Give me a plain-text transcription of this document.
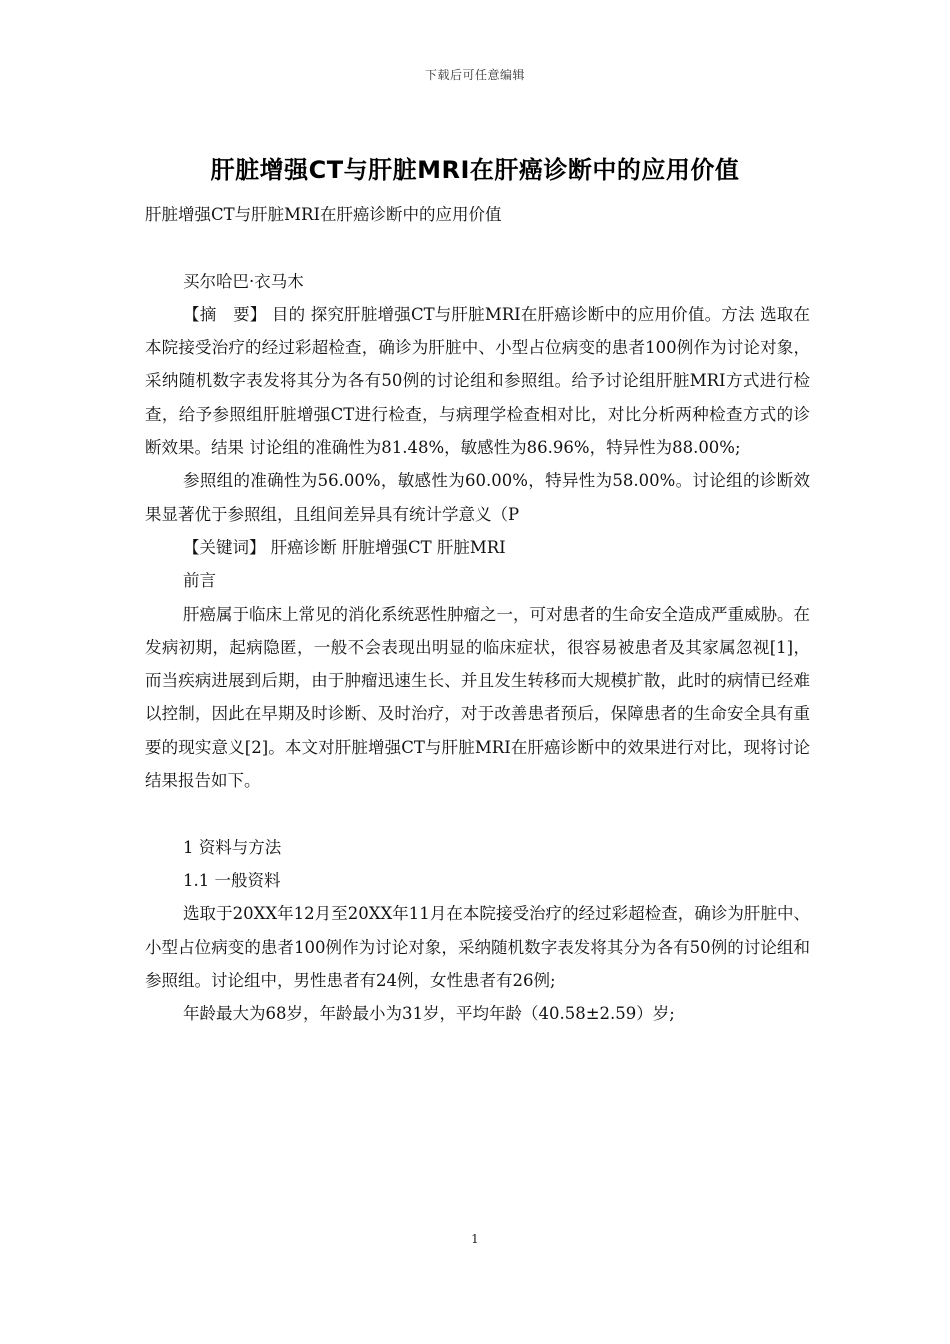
下载后可任意编辑
肝脏增强CT与肝脏MRI在肝癌诊断中的应用价值

肝脏增强CT与肝脏MRI在肝癌诊断中的应用价值

买尔哈巴·衣马木

【摘　要】 目的 探究肝脏增强CT与肝脏MRI在肝癌诊断中的应用价值。方法 选取在本院接受治疗的经过彩超检查，确诊为肝脏中、小型占位病变的患者100例作为讨论对象，采纳随机数字表发将其分为各有50例的讨论组和参照组。给予讨论组肝脏MRI方式进行检查，给予参照组肝脏增强CT进行检查，与病理学检查相对比，对比分析两种检查方式的诊断效果。结果 讨论组的准确性为81.48%，敏感性为86.96%，特异性为88.00%;

参照组的准确性为56.00%，敏感性为60.00%，特异性为58.00%。讨论组的诊断效果显著优于参照组，且组间差异具有统计学意义（P

【关键词】 肝癌诊断 肝脏增强CT 肝脏MRI

前言

肝癌属于临床上常见的消化系统恶性肿瘤之一，可对患者的生命安全造成严重威胁。在发病初期，起病隐匿，一般不会表现出明显的临床症状，很容易被患者及其家属忽视[1]，而当疾病进展到后期，由于肿瘤迅速生长、并且发生转移而大规模扩散，此时的病情已经难以控制，因此在早期及时诊断、及时治疗，对于改善患者预后，保障患者的生命安全具有重要的现实意义[2]。本文对肝脏增强CT与肝脏MRI在肝癌诊断中的效果进行对比，现将讨论结果报告如下。

1 资料与方法

1.1 一般资料

选取于20XX年12月至20XX年11月在本院接受治疗的经过彩超检查，确诊为肝脏中、小型占位病变的患者100例作为讨论对象，采纳随机数字表发将其分为各有50例的讨论组和参照组。讨论组中，男性患者有24例，女性患者有26例;

年龄最大为68岁，年龄最小为31岁，平均年龄（40.58±2.59）岁;

1
